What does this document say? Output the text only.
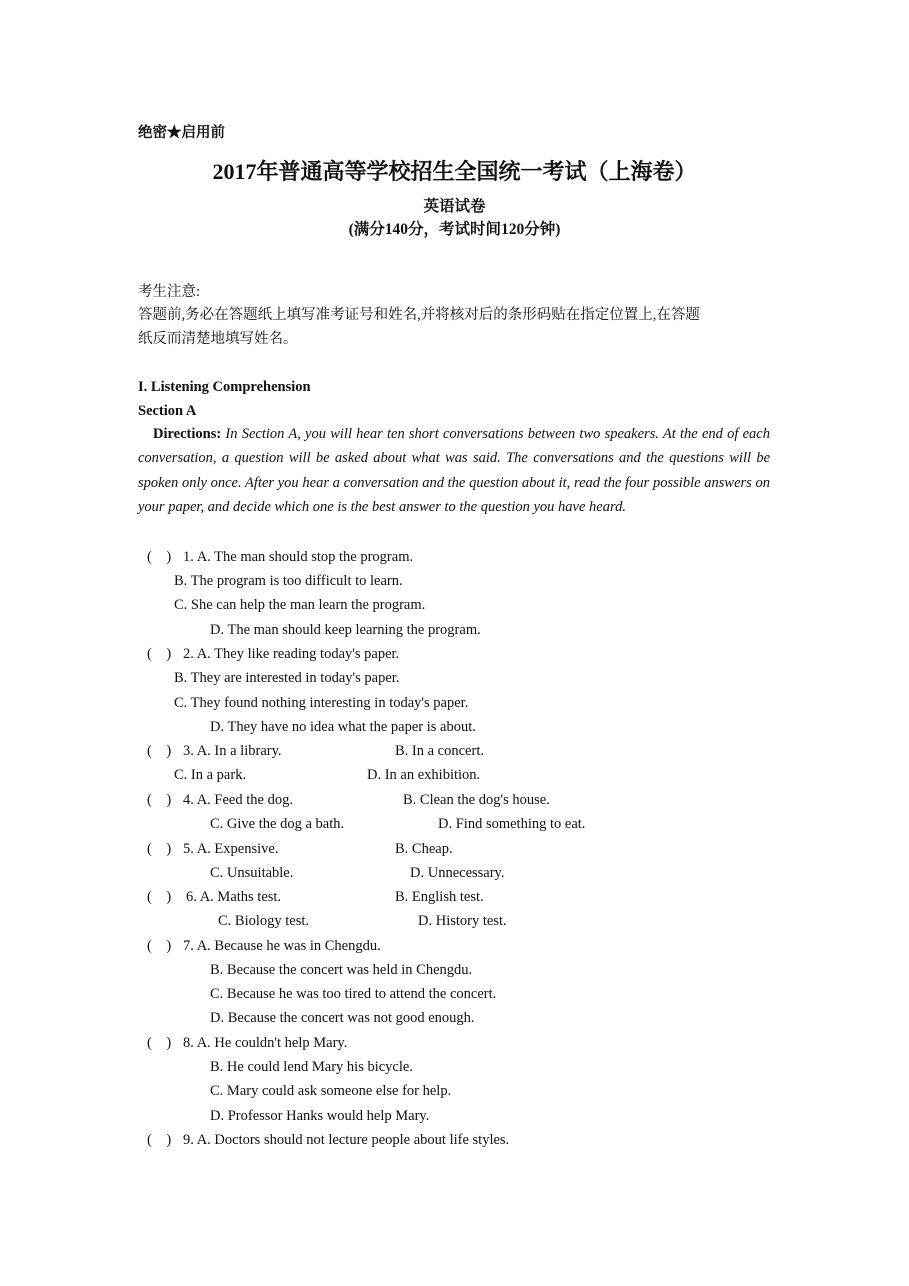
绝密★启用前
2017年普通高等学校招生全国统一考试（上海卷）
英语试卷
(满分140分，考试时间120分钟)
考生注意:
答题前,务必在答题纸上填写准考证号和姓名,并将核对后的条形码贴在指定位置上,在答题
纸反而清楚地填写姓名。
I. Listening Comprehension
Section A
Directions: In Section A, you will hear ten short conversations between two speakers. At the end of each conversation, a question will be asked about what was said. The conversations and the questions will be spoken only once. After you hear a conversation and the question about it, read the four possible answers on your paper, and decide which one is the best answer to the question you have heard.
(    ) 1. A. The man should stop the program.
B. The program is too difficult to learn.
C. She can help the man learn the program.
D. The man should keep learning the program.
(    ) 2. A. They like reading today's paper.
B. They are interested in today's paper.
C. They found nothing interesting in today's paper.
D. They have no idea what the paper is about.
(    ) 3. A. In a library.	B. In a concert.
C. In a park.	D. In an exhibition.
(    ) 4. A. Feed the dog.	B. Clean the dog's house.
C. Give the dog a bath.	D. Find something to eat.
(    ) 5. A. Expensive.	B. Cheap.
C. Unsuitable.	D. Unnecessary.
(    ) 6. A. Maths test.	B. English test.
C. Biology test.	D. History test.
(    ) 7. A. Because he was in Chengdu.
B. Because the concert was held in Chengdu.
C. Because he was too tired to attend the concert.
D. Because the concert was not good enough.
(    ) 8. A. He couldn't help Mary.
B. He could lend Mary his bicycle.
C. Mary could ask someone else for help.
D. Professor Hanks would help Mary.
(    ) 9. A. Doctors should not lecture people about life styles.
